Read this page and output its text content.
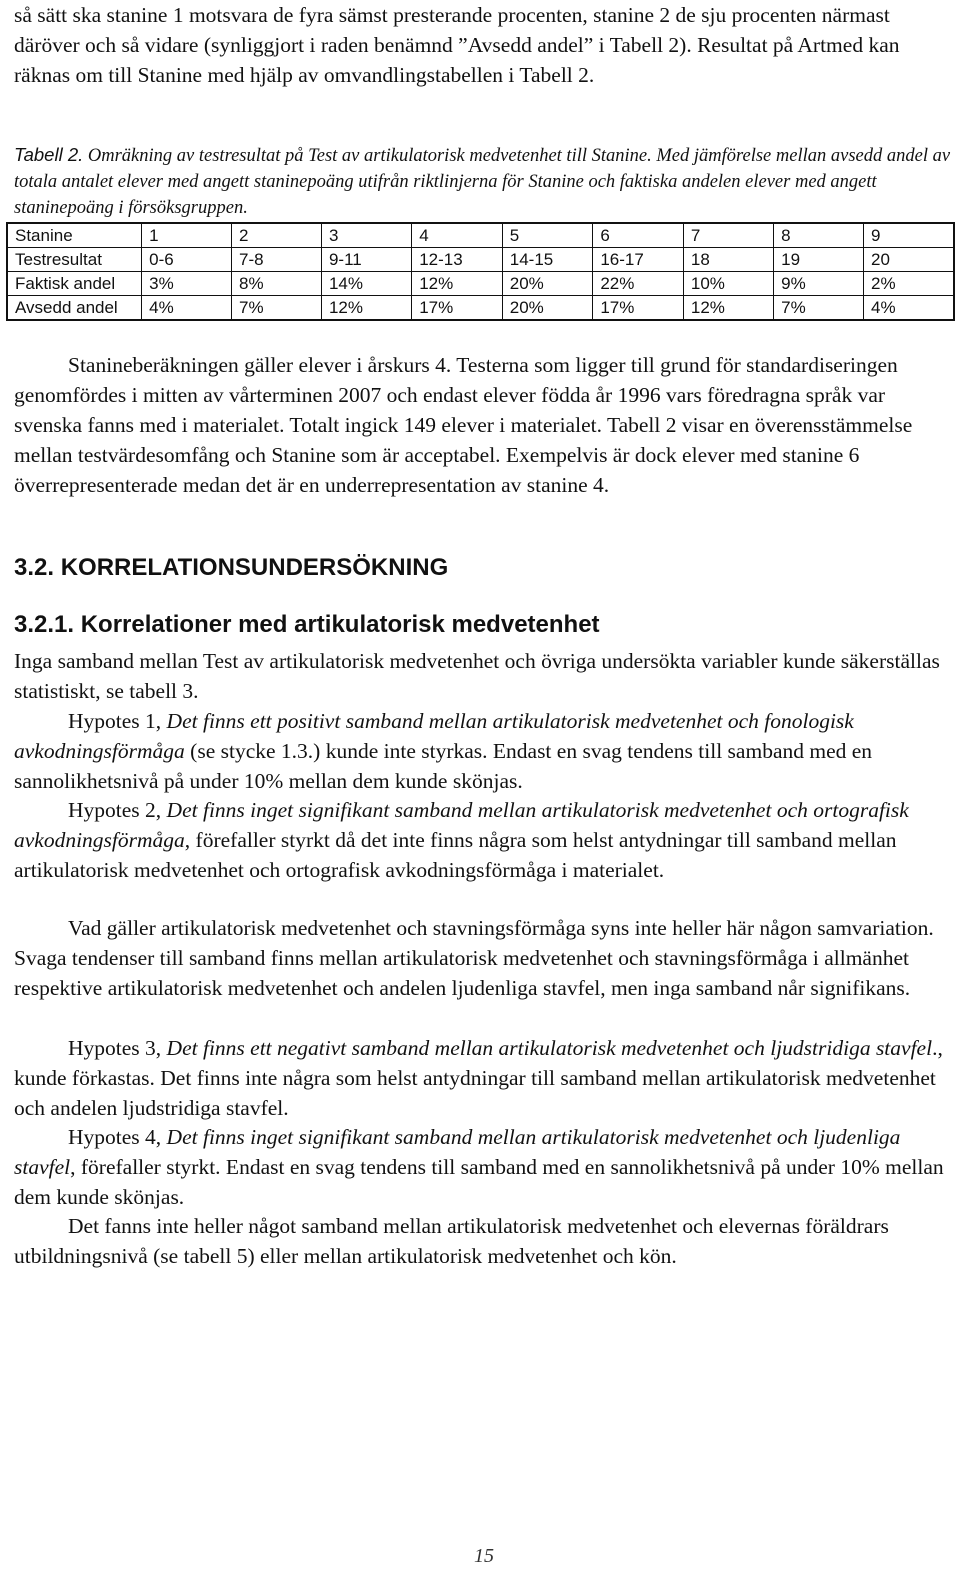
så sätt ska stanine 1 motsvara de fyra sämst presterande procenten, stanine 2 de sju procenten närmast däröver och så vidare (synliggjort i raden benämnd ”Avsedd andel” i Tabell 2). Resultat på Artmed kan räknas om till Stanine med hjälp av omvandlingstabellen i Tabell 2.

Tabell 2. Omräkning av testresultat på Test av artikulatorisk medvetenhet till Stanine. Med jämförelse mellan avsedd andel av totala antalet elever med angett staninepoäng utifrån riktlinjerna för Stanine och faktiska andelen elever med angett staninepoäng i försöksgruppen.

Stanine	1	2	3	4	5	6	7	8	9
Testresultat	0-6	7-8	9-11	12-13	14-15	16-17	18	19	20
Faktisk andel	3%	8%	14%	12%	20%	22%	10%	9%	2%
Avsedd andel	4%	7%	12%	17%	20%	17%	12%	7%	4%

Stanineberäkningen gäller elever i årskurs 4. Testerna som ligger till grund för standardiseringen genomfördes i mitten av vårterminen 2007 och endast elever födda år 1996 vars föredragna språk var svenska fanns med i materialet. Totalt ingick 149 elever i materialet. Tabell 2 visar en överensstämmelse mellan testvärdesomfång och Stanine som är acceptabel. Exempelvis är dock elever med stanine 6 överrepresenterade medan det är en underrepresentation av stanine 4.

3.2. KORRELATIONSUNDERSÖKNING
3.2.1. Korrelationer med artikulatorisk medvetenhet

Inga samband mellan Test av artikulatorisk medvetenhet och övriga undersökta variabler kunde säkerställas statistiskt, se tabell 3.

Hypotes 1, Det finns ett positivt samband mellan artikulatorisk medvetenhet och fonologisk avkodningsförmåga (se stycke 1.3.) kunde inte styrkas. Endast en svag tendens till samband med en sannolikhetsnivå på under 10% mellan dem kunde skönjas.

Hypotes 2, Det finns inget signifikant samband mellan artikulatorisk medvetenhet och ortografisk avkodningsförmåga, förefaller styrkt då det inte finns några som helst antydningar till samband mellan artikulatorisk medvetenhet och ortografisk avkodningsförmåga i materialet.

Vad gäller artikulatorisk medvetenhet och stavningsförmåga syns inte heller här någon samvariation. Svaga tendenser till samband finns mellan artikulatorisk medvetenhet och stavningsförmåga i allmänhet respektive artikulatorisk medvetenhet och andelen ljudenliga stavfel, men inga samband når signifikans.

Hypotes 3, Det finns ett negativt samband mellan artikulatorisk medvetenhet och ljudstridiga stavfel., kunde förkastas. Det finns inte några som helst antydningar till samband mellan artikulatorisk medvetenhet och andelen ljudstridiga stavfel.

Hypotes 4, Det finns inget signifikant samband mellan artikulatorisk medvetenhet och ljudenliga stavfel, förefaller styrkt. Endast en svag tendens till samband med en sannolikhetsnivå på under 10% mellan dem kunde skönjas.

Det fanns inte heller något samband mellan artikulatorisk medvetenhet och elevernas föräldrars utbildningsnivå (se tabell 5) eller mellan artikulatorisk medvetenhet och kön.

15
